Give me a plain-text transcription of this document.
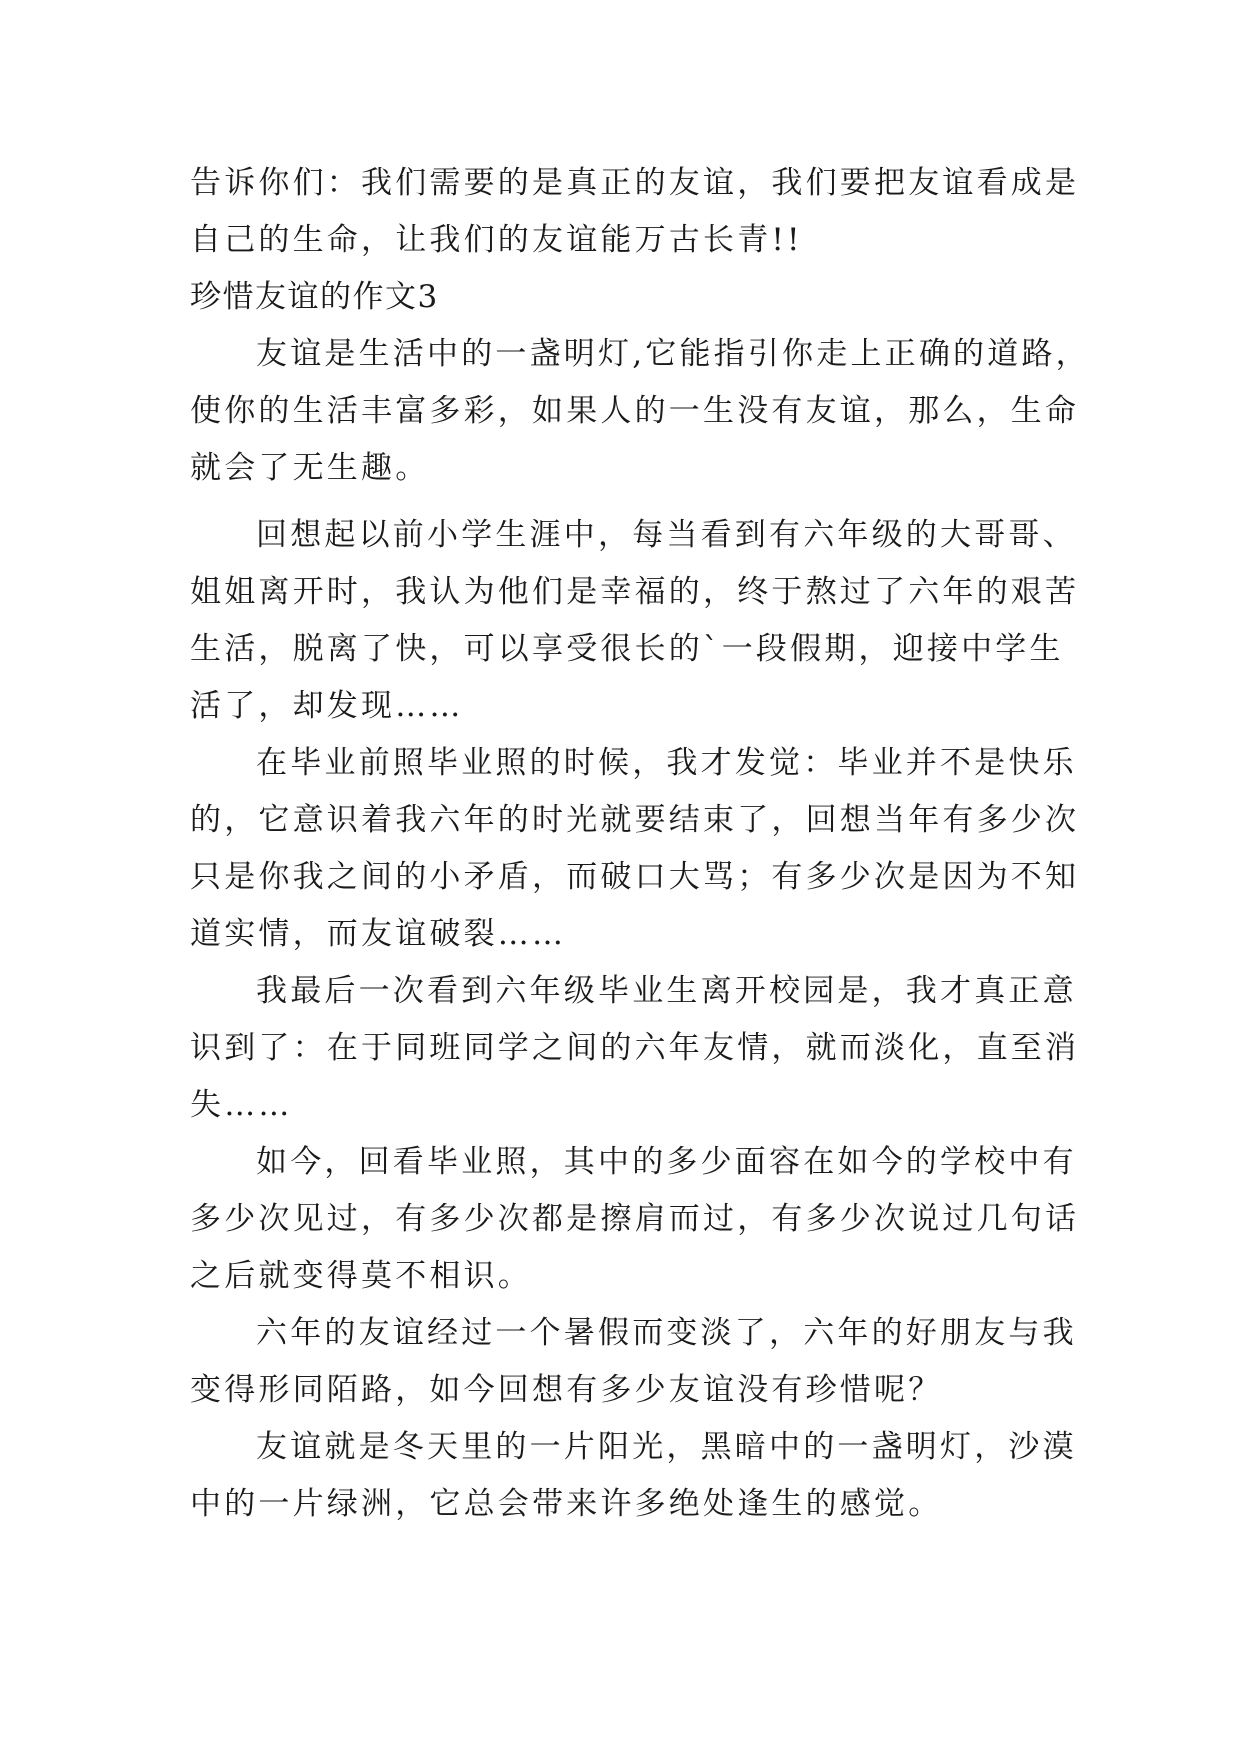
告诉你们：我们需要的是真正的友谊，我们要把友谊看成是

自己的生命，让我们的友谊能万古长青!!

珍惜友谊的作文3

友谊是生活中的一盏明灯,它能指引你走上正确的道路，

使你的生活丰富多彩，如果人的一生没有友谊，那么，生命

就会了无生趣。

回想起以前小学生涯中，每当看到有六年级的大哥哥、

姐姐离开时，我认为他们是幸福的，终于熬过了六年的艰苦

生活，脱离了快，可以享受很长的`一段假期，迎接中学生

活了，却发现……

在毕业前照毕业照的时候，我才发觉：毕业并不是快乐

的，它意识着我六年的时光就要结束了，回想当年有多少次

只是你我之间的小矛盾，而破口大骂；有多少次是因为不知

道实情，而友谊破裂……

我最后一次看到六年级毕业生离开校园是，我才真正意

识到了：在于同班同学之间的六年友情，就而淡化，直至消

失……

如今，回看毕业照，其中的多少面容在如今的学校中有

多少次见过，有多少次都是擦肩而过，有多少次说过几句话

之后就变得莫不相识。

六年的友谊经过一个暑假而变淡了，六年的好朋友与我

变得形同陌路，如今回想有多少友谊没有珍惜呢？

友谊就是冬天里的一片阳光，黑暗中的一盏明灯，沙漠

中的一片绿洲，它总会带来许多绝处逢生的感觉。
